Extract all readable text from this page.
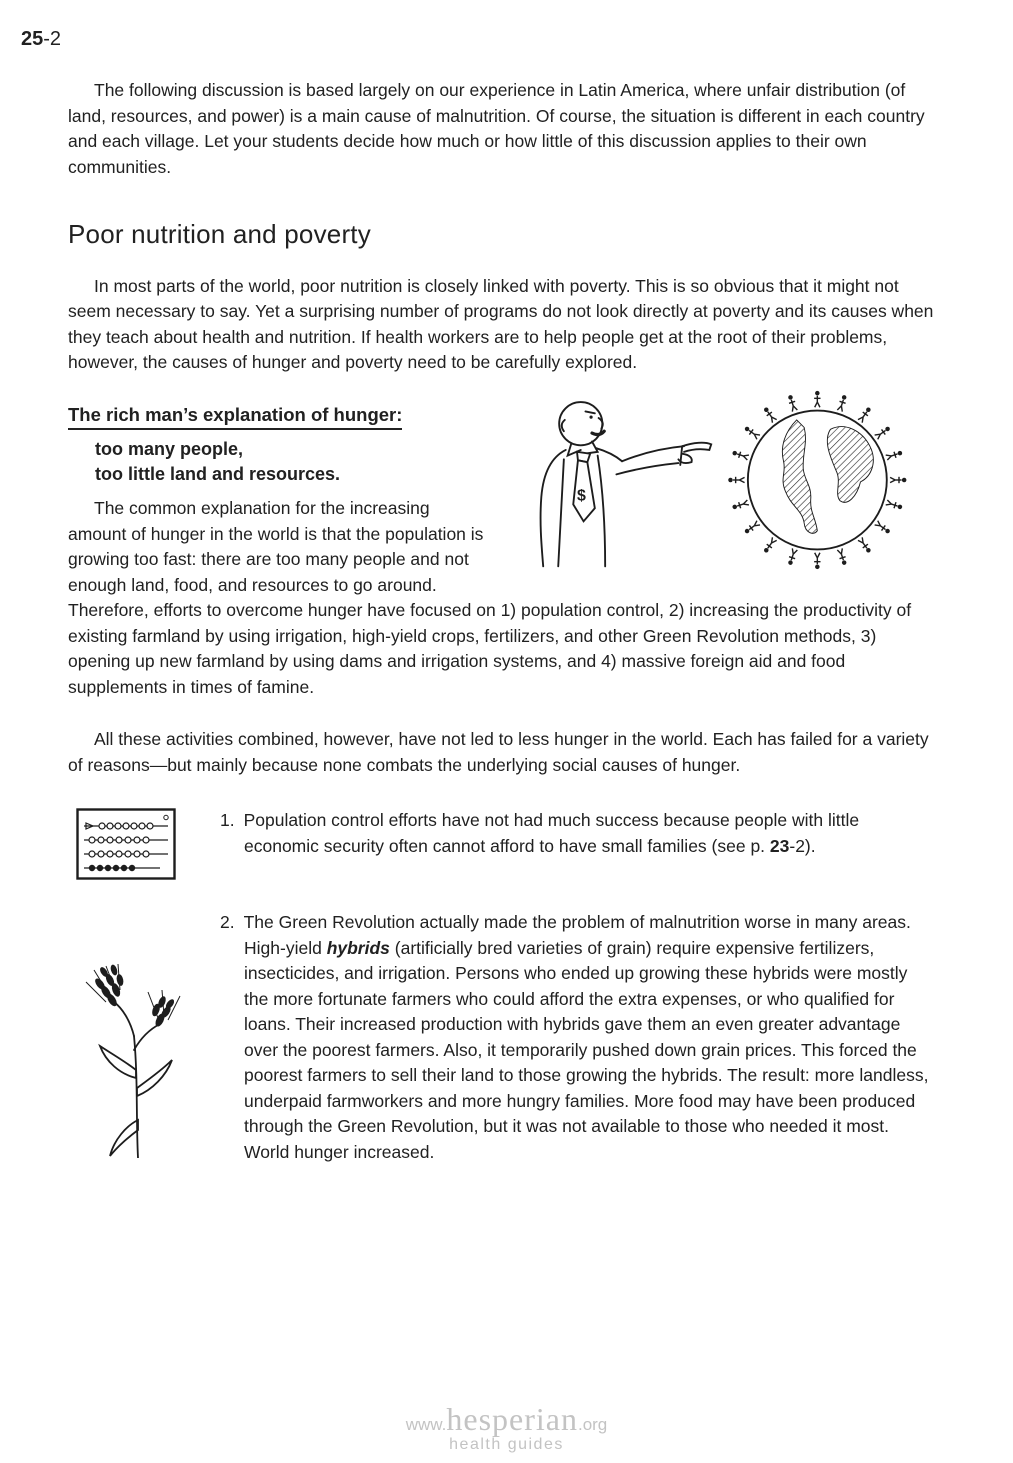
25-2

The following discussion is based largely on our experience in Latin America, where unfair distribution (of land, resources, and power) is a main cause of malnutrition. Of course, the situation is different in each country and each village. Let your students decide how much or how little of this discussion applies to their own communities.

Poor nutrition and poverty

In most parts of the world, poor nutrition is closely linked with poverty. This is so obvious that it might not seem necessary to say. Yet a surprising number of programs do not look directly at poverty and its causes when they teach about health and nutrition. If health workers are to help people get at the root of their problems, however, the causes of hunger and poverty need to be carefully explored.

$
The rich man’s explanation of hunger:
too many people,
too little land and resources.

The common explanation for the increasing amount of hunger in the world is that the population is growing too fast: there are too many people and not enough land, food, and resources to go around. Therefore, efforts to overcome hunger have focused on 1) population control, 2) increasing the productivity of existing farmland by using irrigation, high-yield crops, fertilizers, and other Green Revolution methods, 3) opening up new farmland by using dams and irrigation systems, and 4) massive foreign aid and food supplements in times of famine.

All these activities combined, however, have not led to less hunger in the world. Each has failed for a variety of reasons—but mainly because none combats the underlying social causes of hunger.

1. Population control efforts have not had much success because people with little economic security often cannot afford to have small families (see p. 23-2).

2. The Green Revolution actually made the problem of malnutrition worse in many areas. High-yield hybrids (artificially bred varieties of grain) require expensive fertilizers, insecticides, and irrigation. Persons who ended up growing these hybrids were mostly the more fortunate farmers who could afford the extra expenses, or who qualified for loans. Their increased production with hybrids gave them an even greater advantage over the poorest farmers. Also, it temporarily pushed down grain prices. This forced the poorest farmers to sell their land to those growing the hybrids. The result: more landless, underpaid farmworkers and more hungry families. More food may have been produced through the Green Revolution, but it was not available to those who needed it most. World hunger increased.

www.hesperian.org
health guides
